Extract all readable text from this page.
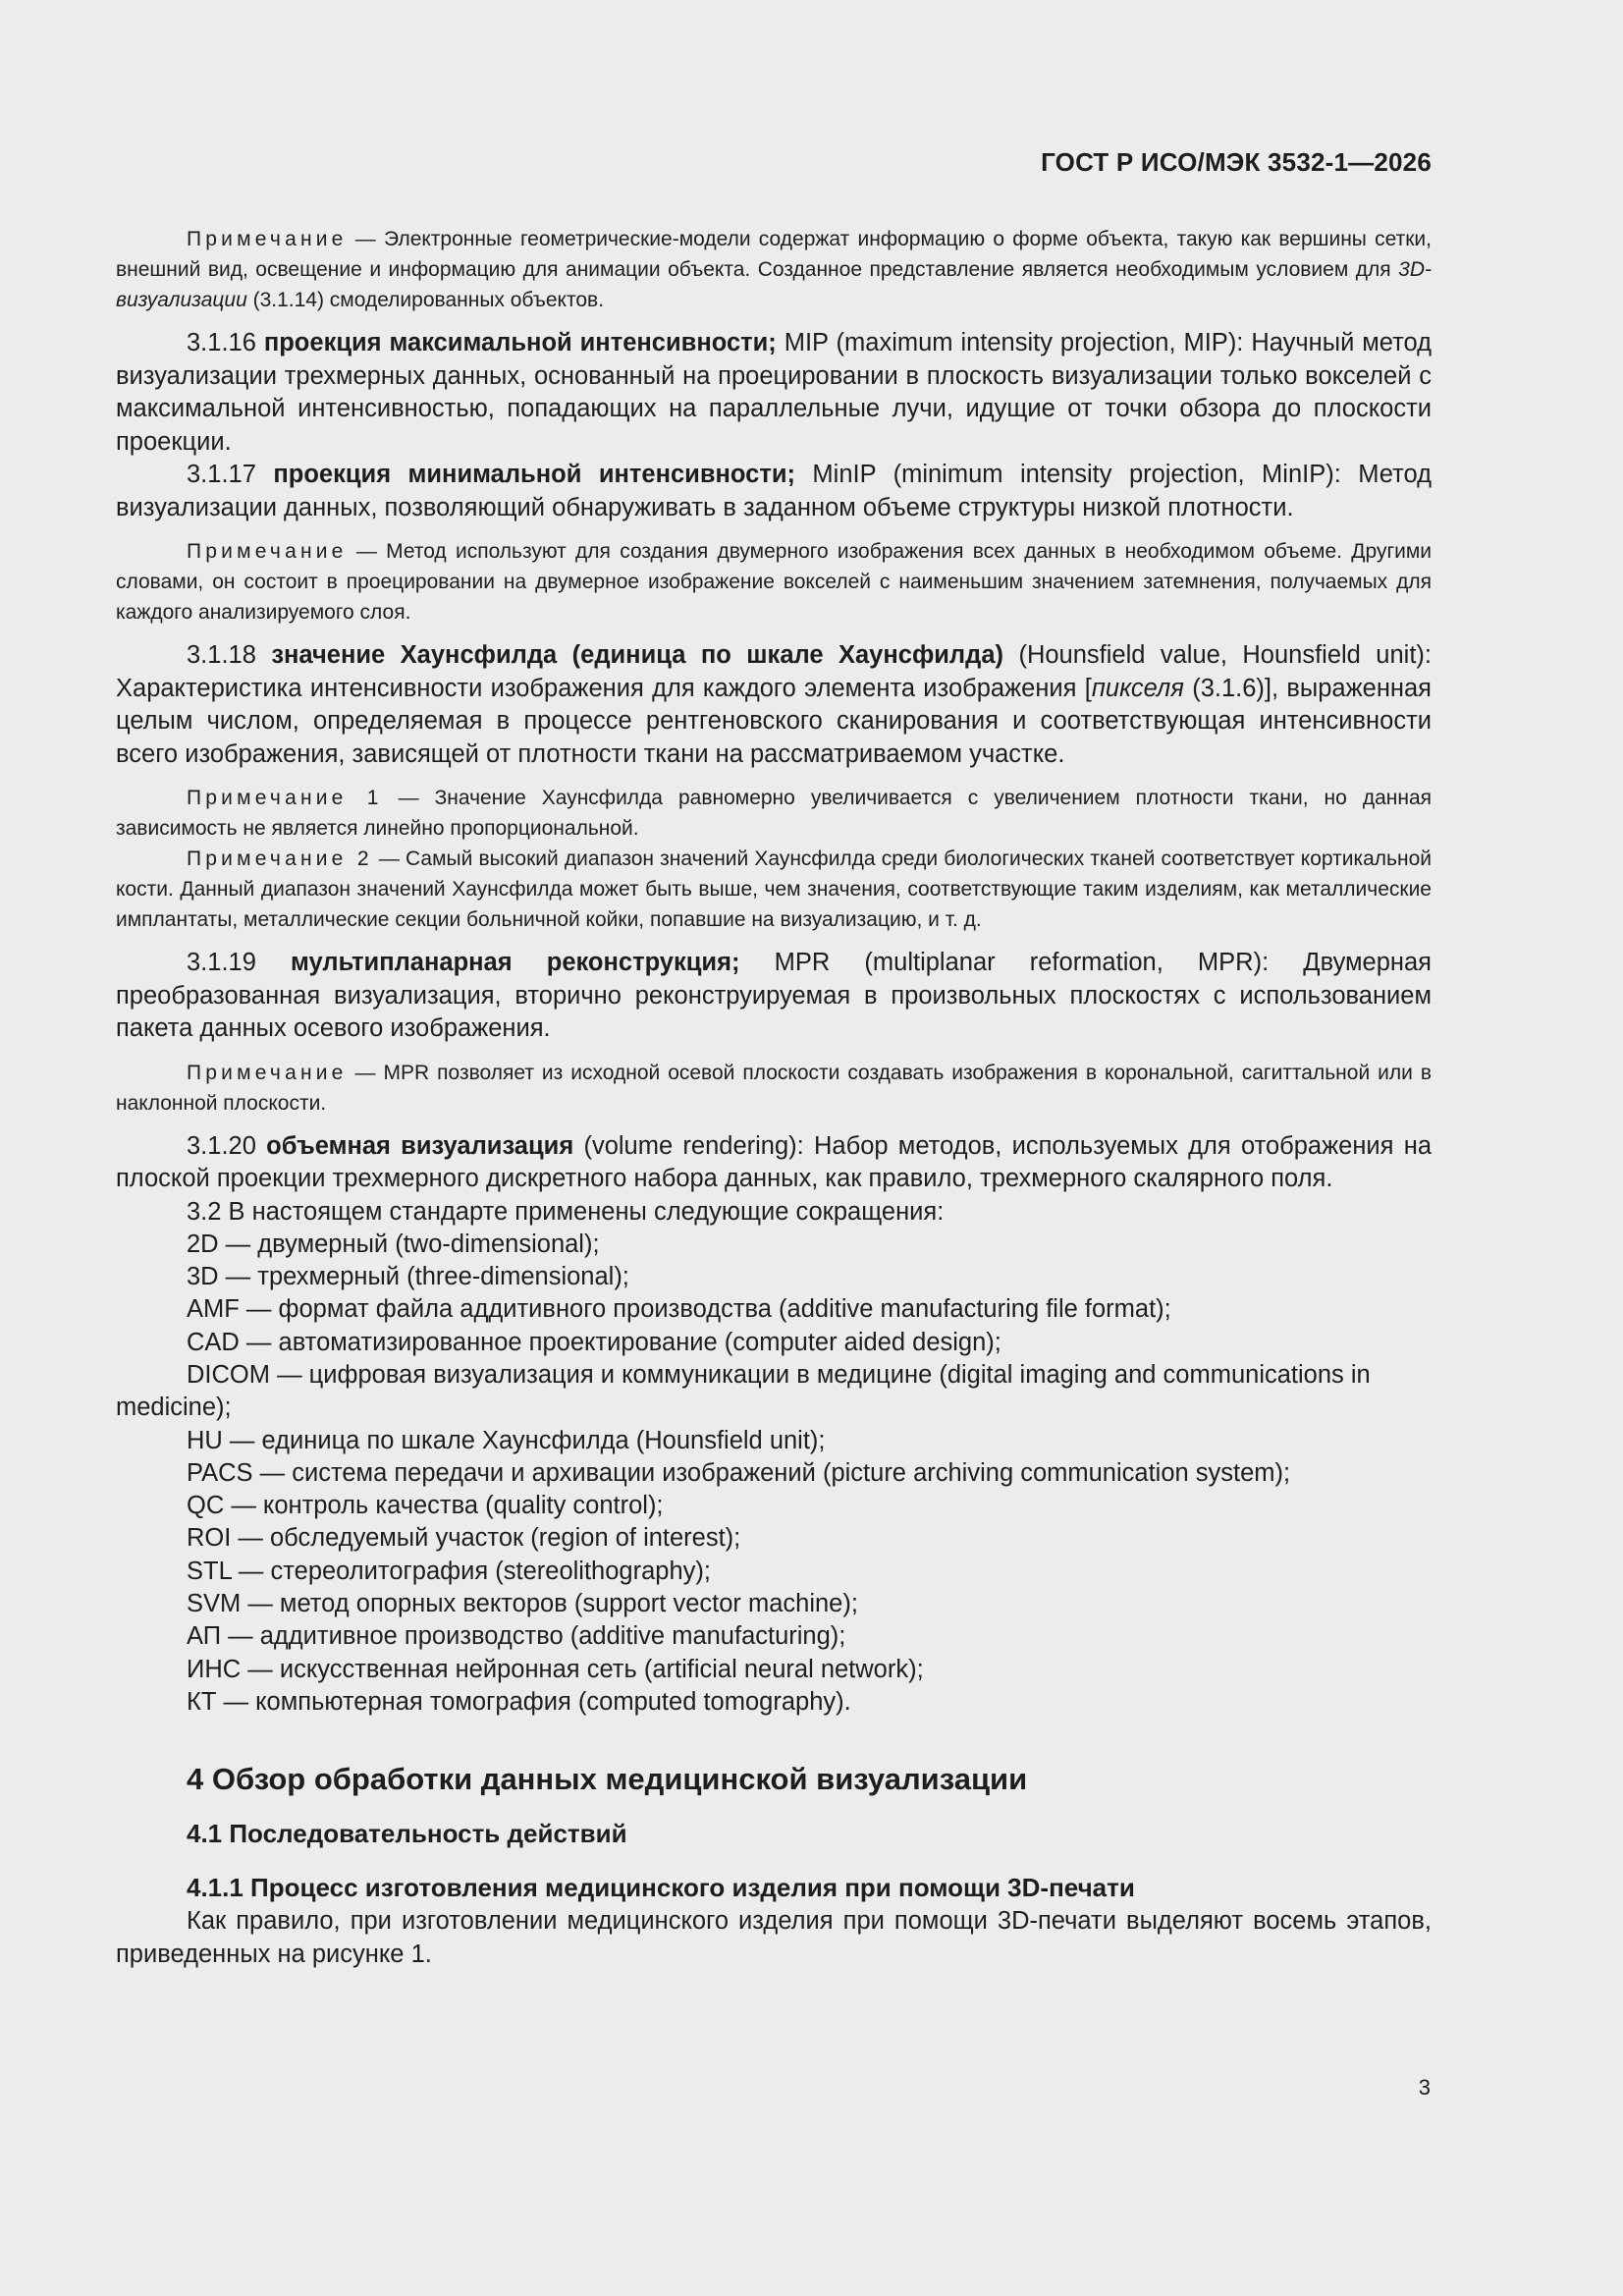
ГОСТ Р ИСО/МЭК 3532-1—2026

Примечание — Электронные геометрические-модели содержат информацию о форме объекта, такую как вершины сетки, внешний вид, освещение и информацию для анимации объекта. Созданное представление является необходимым условием для 3D-визуализации (3.1.14) смоделированных объектов.

3.1.16 проекция максимальной интенсивности; MIP (maximum intensity projection, MIP): Научный метод визуализации трехмерных данных, основанный на проецировании в плоскость визуализации только вокселей с максимальной интенсивностью, попадающих на параллельные лучи, идущие от точки обзора до плоскости проекции.

3.1.17 проекция минимальной интенсивности; MinIP (minimum intensity projection, MinIP): Метод визуализации данных, позволяющий обнаруживать в заданном объеме структуры низкой плотности.

Примечание — Метод используют для создания двумерного изображения всех данных в необходимом объеме. Другими словами, он состоит в проецировании на двумерное изображение вокселей с наименьшим значением затемнения, получаемых для каждого анализируемого слоя.

3.1.18 значение Хаунсфилда (единица по шкале Хаунсфилда) (Hounsfield value, Hounsfield unit): Характеристика интенсивности изображения для каждого элемента изображения [пикселя (3.1.6)], выраженная целым числом, определяемая в процессе рентгеновского сканирования и соответствующая интенсивности всего изображения, зависящей от плотности ткани на рассматриваемом участке.

Примечание 1 — Значение Хаунсфилда равномерно увеличивается с увеличением плотности ткани, но данная зависимость не является линейно пропорциональной.

Примечание 2 — Самый высокий диапазон значений Хаунсфилда среди биологических тканей соответствует кортикальной кости. Данный диапазон значений Хаунсфилда может быть выше, чем значения, соответствующие таким изделиям, как металлические имплантаты, металлические секции больничной койки, попавшие на визуализацию, и т. д.

3.1.19 мультипланарная реконструкция; MPR (multiplanar reformation, MPR): Двумерная преобразованная визуализация, вторично реконструируемая в произвольных плоскостях с использованием пакета данных осевого изображения.

Примечание — MPR позволяет из исходной осевой плоскости создавать изображения в корональной, сагиттальной или в наклонной плоскости.

3.1.20 объемная визуализация (volume rendering): Набор методов, используемых для отображения на плоской проекции трехмерного дискретного набора данных, как правило, трехмерного скалярного поля.

3.2 В настоящем стандарте применены следующие сокращения:

2D — двумерный (two-dimensional);

3D — трехмерный (three-dimensional);

AMF — формат файла аддитивного производства (additive manufacturing file format);

CAD — автоматизированное проектирование (computer aided design);

DICOM — цифровая визуализация и коммуникации в медицине (digital imaging and communications in medicine);

HU — единица по шкале Хаунсфилда (Hounsfield unit);

PACS — система передачи и архивации изображений (picture archiving communication system);

QC — контроль качества (quality control);

ROI — обследуемый участок (region of interest);

STL — стереолитография (stereolithography);

SVM — метод опорных векторов (support vector machine);

АП — аддитивное производство (additive manufacturing);

ИНС — искусственная нейронная сеть (artificial neural network);

КТ — компьютерная томография (computed tomography).

4 Обзор обработки данных медицинской визуализации
4.1 Последовательность действий
4.1.1 Процесс изготовления медицинского изделия при помощи 3D-печати

Как правило, при изготовлении медицинского изделия при помощи 3D-печати выделяют восемь этапов, приведенных на рисунке 1.

3
